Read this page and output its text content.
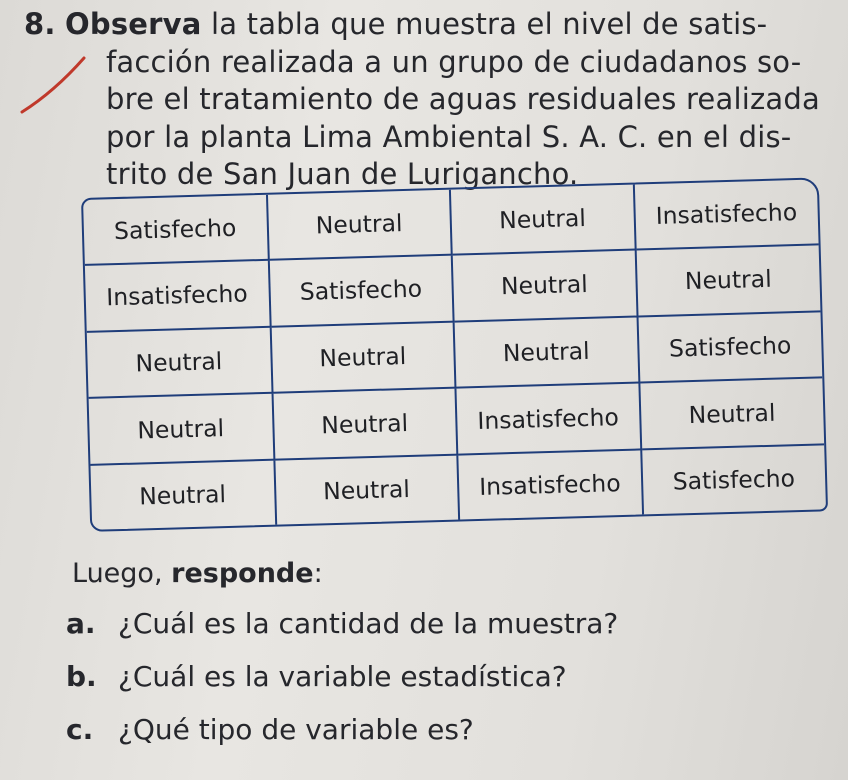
8. Observa la tabla que muestra el nivel de satis-
facción realizada a un grupo de ciudadanos so-
bre el tratamiento de aguas residuales realizada
por la planta Lima Ambiental S. A. C. en el dis-
trito de San Juan de Lurigancho.
Satisfecho	Neutral	Neutral	Insatisfecho
Insatisfecho	Satisfecho	Neutral	Neutral
Neutral	Neutral	Neutral	Satisfecho
Neutral	Neutral	Insatisfecho	Neutral
Neutral	Neutral	Insatisfecho	Satisfecho
Luego, responde:
a. ¿Cuál es la cantidad de la muestra?
b. ¿Cuál es la variable estadística?
c. ¿Qué tipo de variable es?
